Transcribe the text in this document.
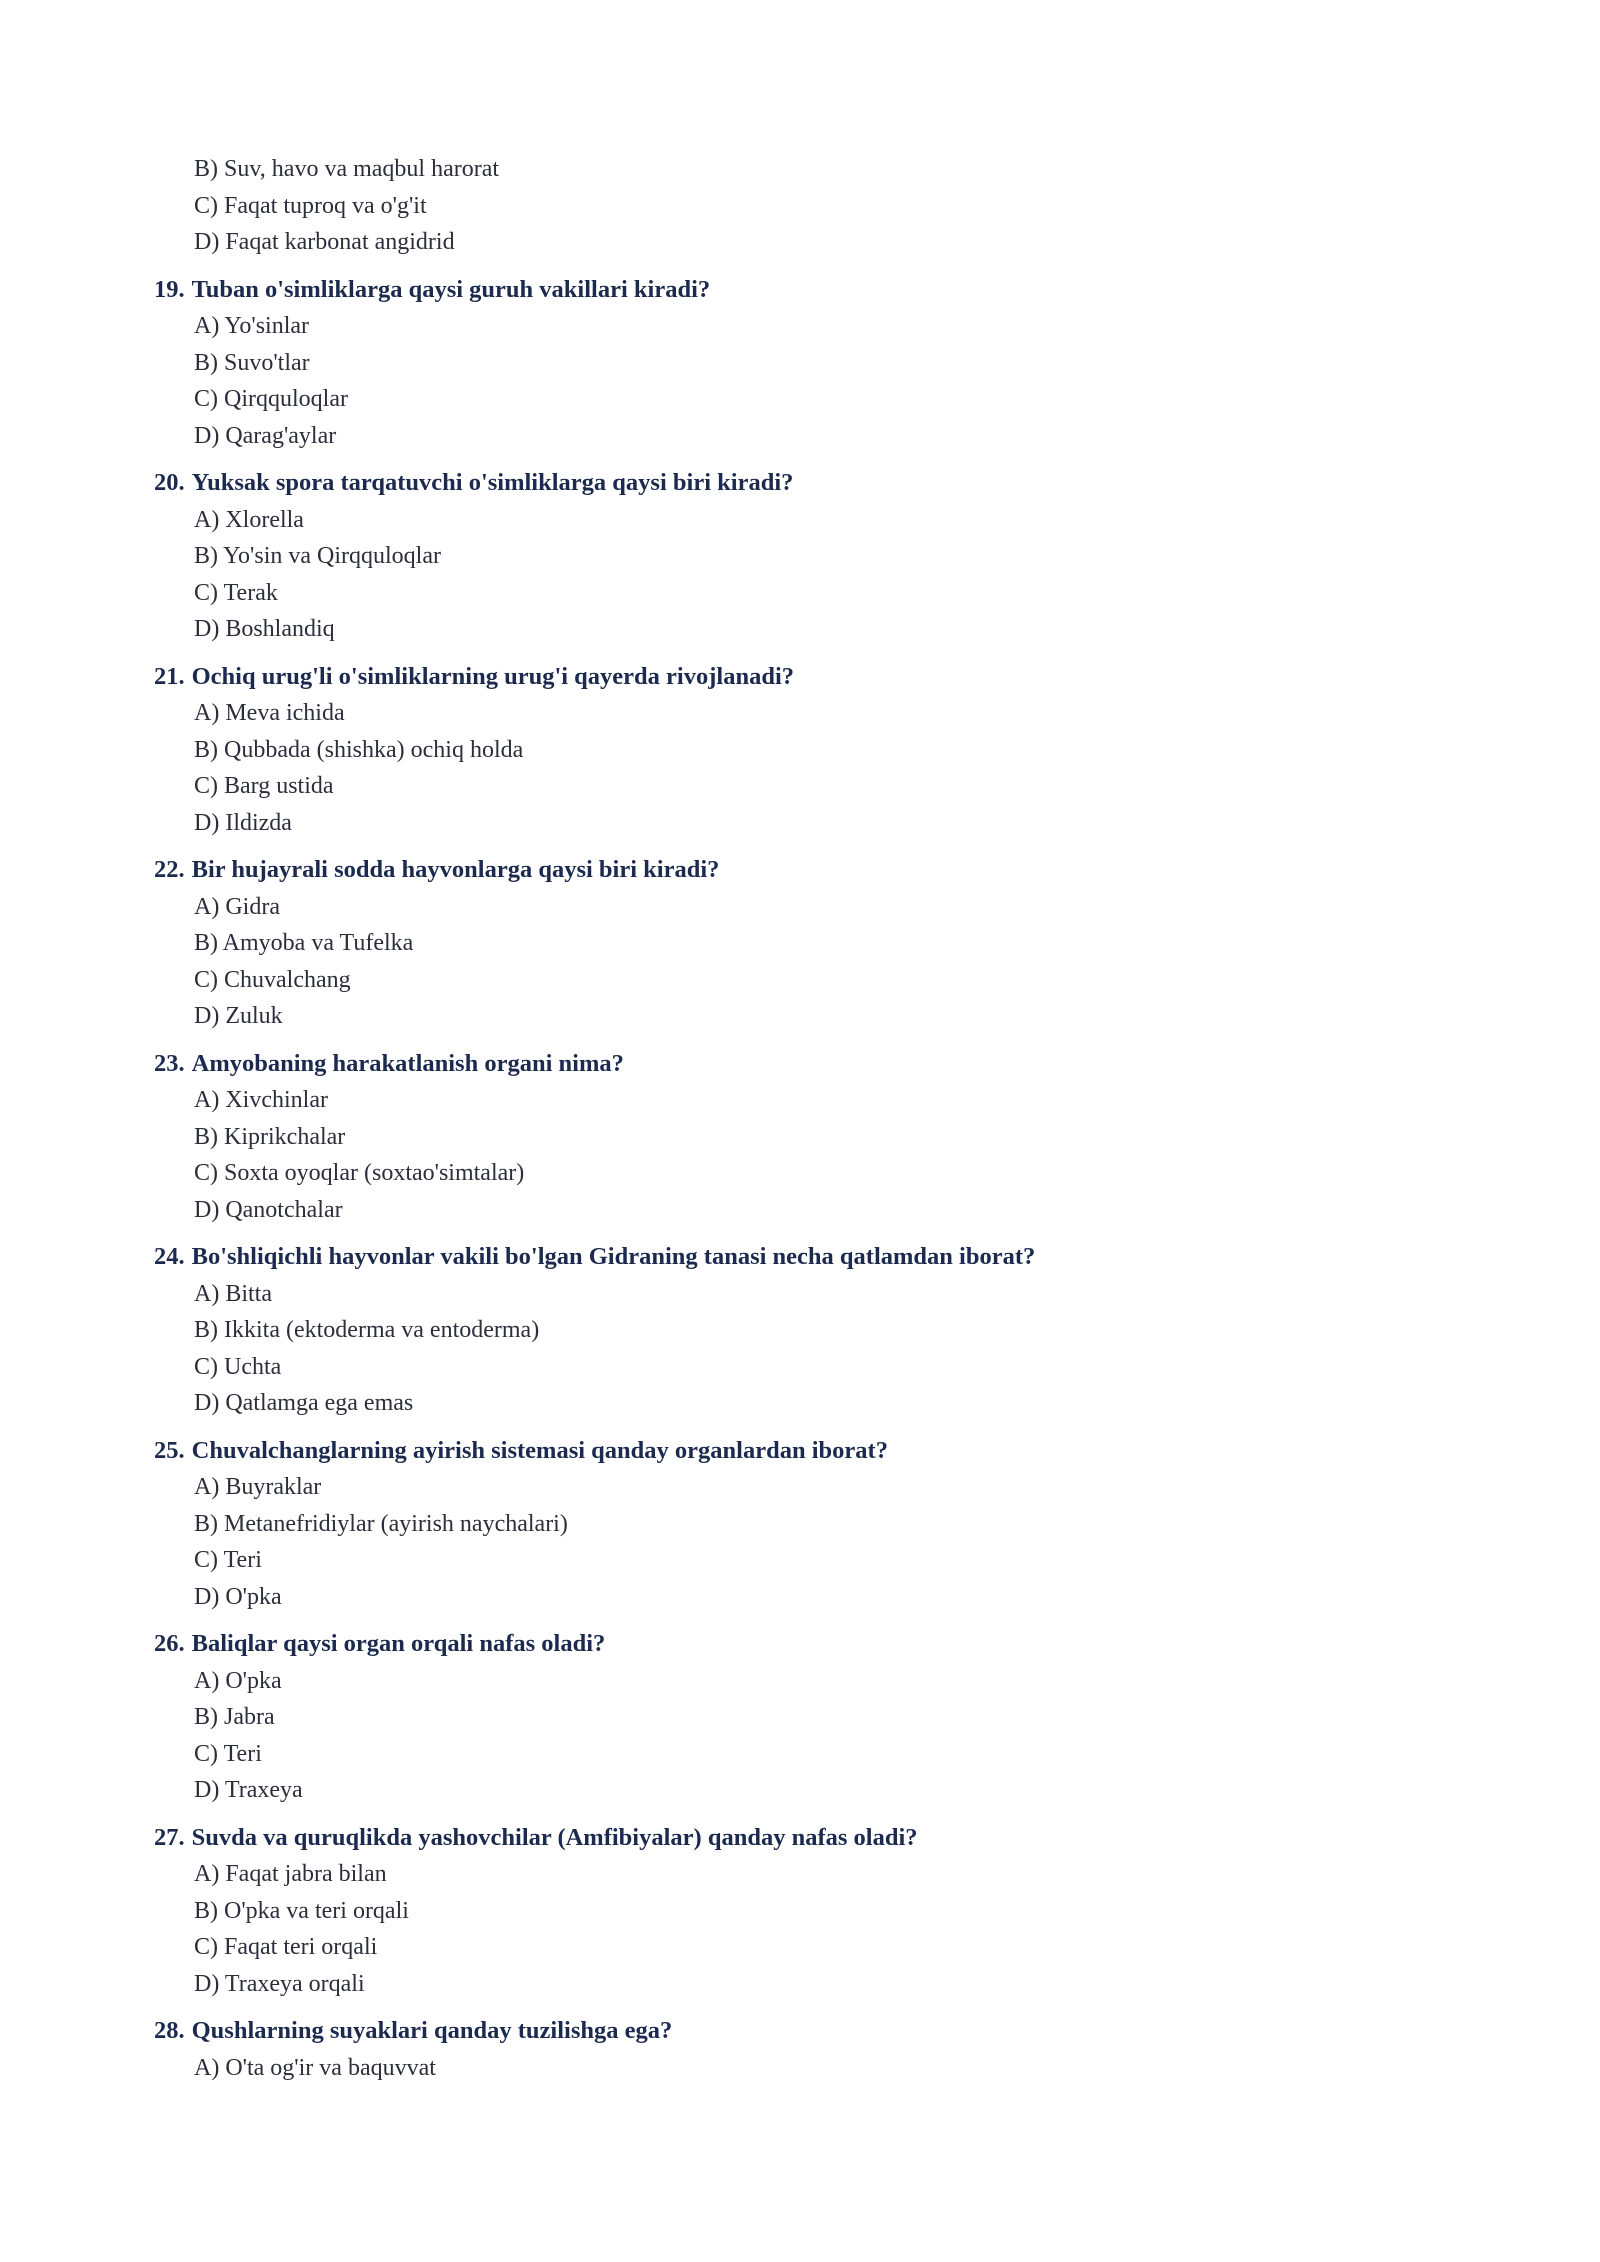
B) Suv, havo va maqbul harorat
C) Faqat tuproq va o'g'it
D) Faqat karbonat angidrid
19. Tuban o'simliklarga qaysi guruh vakillari kiradi?
A) Yo'sinlar
B) Suvo'tlar
C) Qirqquloqlar
D) Qarag'aylar
20. Yuksak spora tarqatuvchi o'simliklarga qaysi biri kiradi?
A) Xlorella
B) Yo'sin va Qirqquloqlar
C) Terak
D) Boshlandiq
21. Ochiq urug'li o'simliklarning urug'i qayerda rivojlanadi?
A) Meva ichida
B) Qubbada (shishka) ochiq holda
C) Barg ustida
D) Ildizda
22. Bir hujayrali sodda hayvonlarga qaysi biri kiradi?
A) Gidra
B) Amyoba va Tufelka
C) Chuvalchang
D) Zuluk
23. Amyobaning harakatlanish organi nima?
A) Xivchinlar
B) Kiprikchalar
C) Soxta oyoqlar (soxtao'simtalar)
D) Qanotchalar
24. Bo'shliqichli hayvonlar vakili bo'lgan Gidraning tanasi necha qatlamdan iborat?
A) Bitta
B) Ikkita (ektoderma va entoderma)
C) Uchta
D) Qatlamga ega emas
25. Chuvalchanglarning ayirish sistemasi qanday organlardan iborat?
A) Buyraklar
B) Metanefridiylar (ayirish naychalari)
C) Teri
D) O'pka
26. Baliqlar qaysi organ orqali nafas oladi?
A) O'pka
B) Jabra
C) Teri
D) Traxeya
27. Suvda va quruqlikda yashovchilar (Amfibiyalar) qanday nafas oladi?
A) Faqat jabra bilan
B) O'pka va teri orqali
C) Faqat teri orqali
D) Traxeya orqali
28. Qushlarning suyaklari qanday tuzilishga ega?
A) O'ta og'ir va baquvvat
